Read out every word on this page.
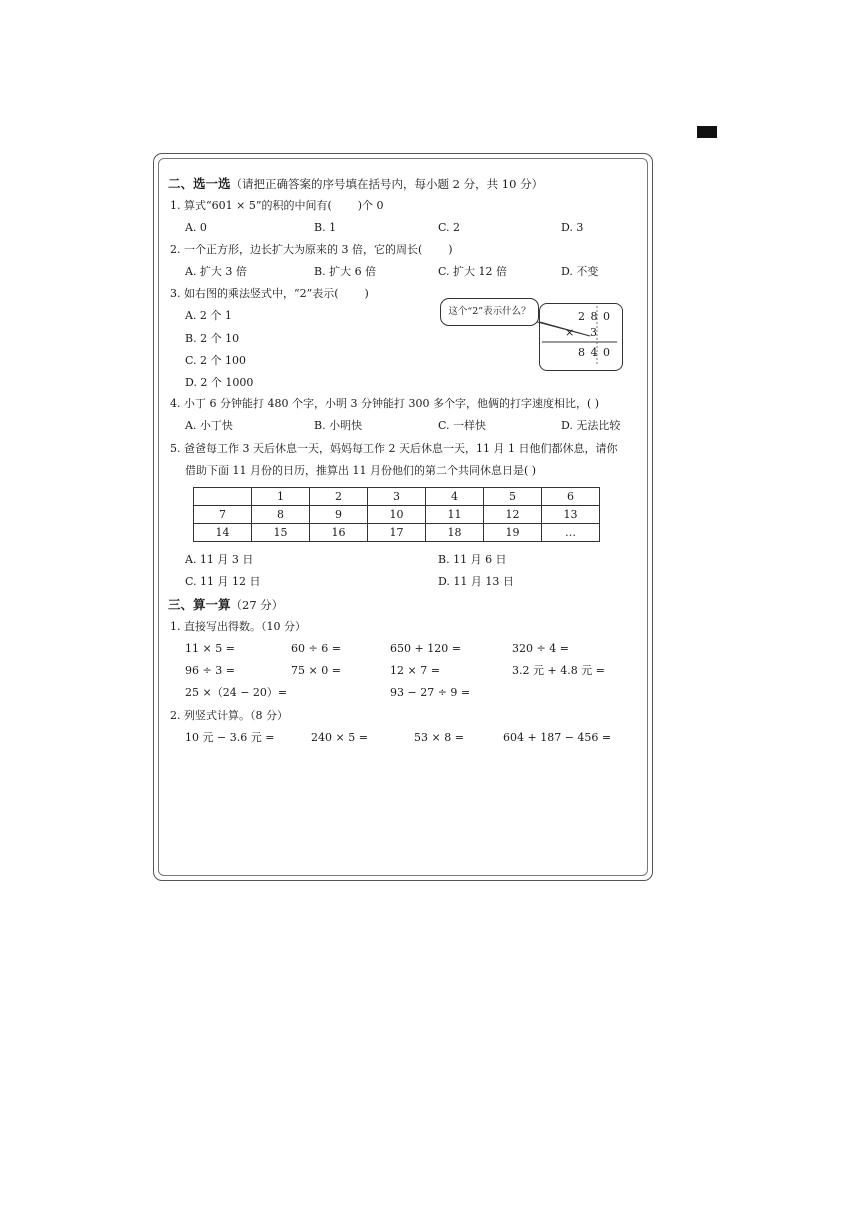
二、选一选（请把正确答案的序号填在括号内，每小题 2 分，共 10 分）
1. 算式“601 × 5”的积的中间有( )个 0
A. 0	B. 1	C. 2	D. 3
2. 一个正方形，边长扩大为原来的 3 倍，它的周长( )
A. 扩大 3 倍	B. 扩大 6 倍	C. 扩大 12 倍	D. 不变
3. 如右图的乘法竖式中，“2”表示( )
A. 2 个 1
B. 2 个 10
C. 2 个 100
D. 2 个 1000
这个“2”表示什么？	2 8 0
× 3
8 4 0
4. 小丁 6 分钟能打 480 个字，小明 3 分钟能打 300 多个字，他俩的打字速度相比，( )
A. 小丁快	B. 小明快	C. 一样快	D. 无法比较
5. 爸爸每工作 3 天后休息一天，妈妈每工作 2 天后休息一天，11 月 1 日他们都休息，请你
借助下面 11 月份的日历，推算出 11 月份他们的第二个共同休息日是( )
	1	2	3	4	5	6
7	8	9	10	11	12	13
14	15	16	17	18	19	…
A. 11 月 3 日	B. 11 月 6 日
C. 11 月 12 日	D. 11 月 13 日
三、算一算（27 分）
1. 直接写出得数。（10 分）
11 × 5 =	60 ÷ 6 =	650 + 120 =	320 ÷ 4 =
96 ÷ 3 =	75 × 0 =	12 × 7 =	3.2 元 + 4.8 元 =
25 ×（24 − 20）=	93 − 27 ÷ 9 =
2. 列竖式计算。（8 分）
10 元 − 3.6 元 =	240 × 5 =	53 × 8 =	604 + 187 − 456 =
